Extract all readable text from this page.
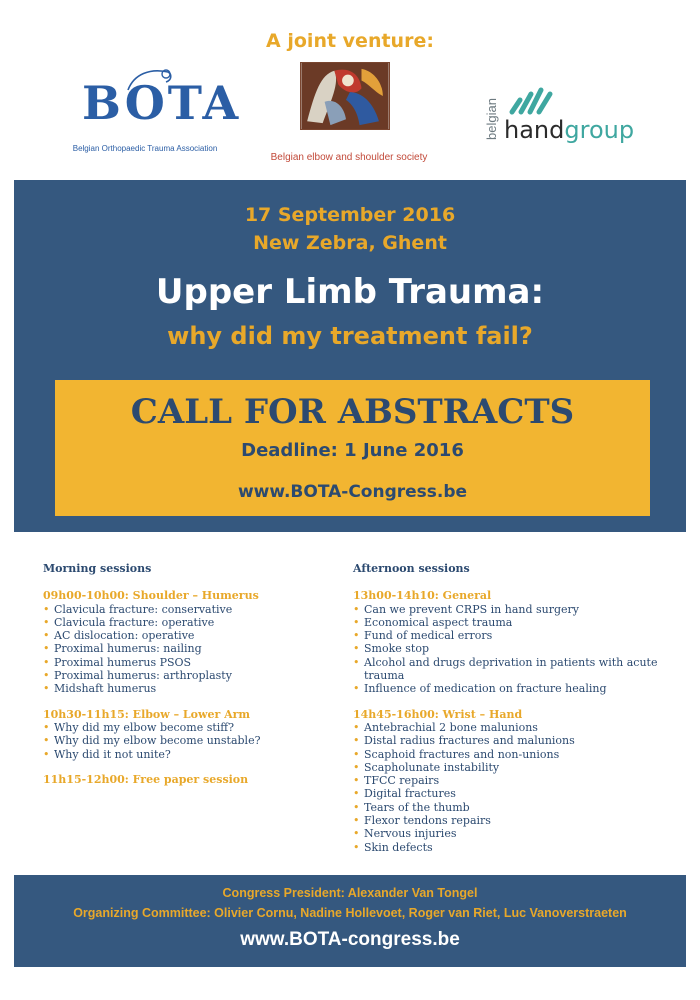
A joint venture:
BOTA
Belgian Orthopaedic Trauma Association
Belgian elbow and shoulder society
belgian handgroup
17 September 2016
New Zebra, Ghent
Upper Limb Trauma:
why did my treatment fail?
CALL FOR ABSTRACTS
Deadline: 1 June 2016
www.BOTA-Congress.be
Morning sessions
09h00-10h00: Shoulder – Humerus
• Clavicula fracture: conservative
• Clavicula fracture: operative
• AC dislocation: operative
• Proximal humerus: nailing
• Proximal humerus PSOS
• Proximal humerus: arthroplasty
• Midshaft humerus
10h30-11h15: Elbow – Lower Arm
• Why did my elbow become stiff?
• Why did my elbow become unstable?
• Why did it not unite?
11h15-12h00: Free paper session
Afternoon sessions
13h00-14h10: General
• Can we prevent CRPS in hand surgery
• Economical aspect trauma
• Fund of medical errors
• Smoke stop
• Alcohol and drugs deprivation in patients with acute trauma
• Influence of medication on fracture healing
14h45-16h00: Wrist – Hand
• Antebrachial 2 bone malunions
• Distal radius fractures and malunions
• Scaphoid fractures and non-unions
• Scapholunate instability
• TFCC repairs
• Digital fractures
• Tears of the thumb
• Flexor tendons repairs
• Nervous injuries
• Skin defects
Congress President: Alexander Van Tongel
Organizing Committee: Olivier Cornu, Nadine Hollevoet, Roger van Riet, Luc Vanoverstraeten
www.BOTA-congress.be
